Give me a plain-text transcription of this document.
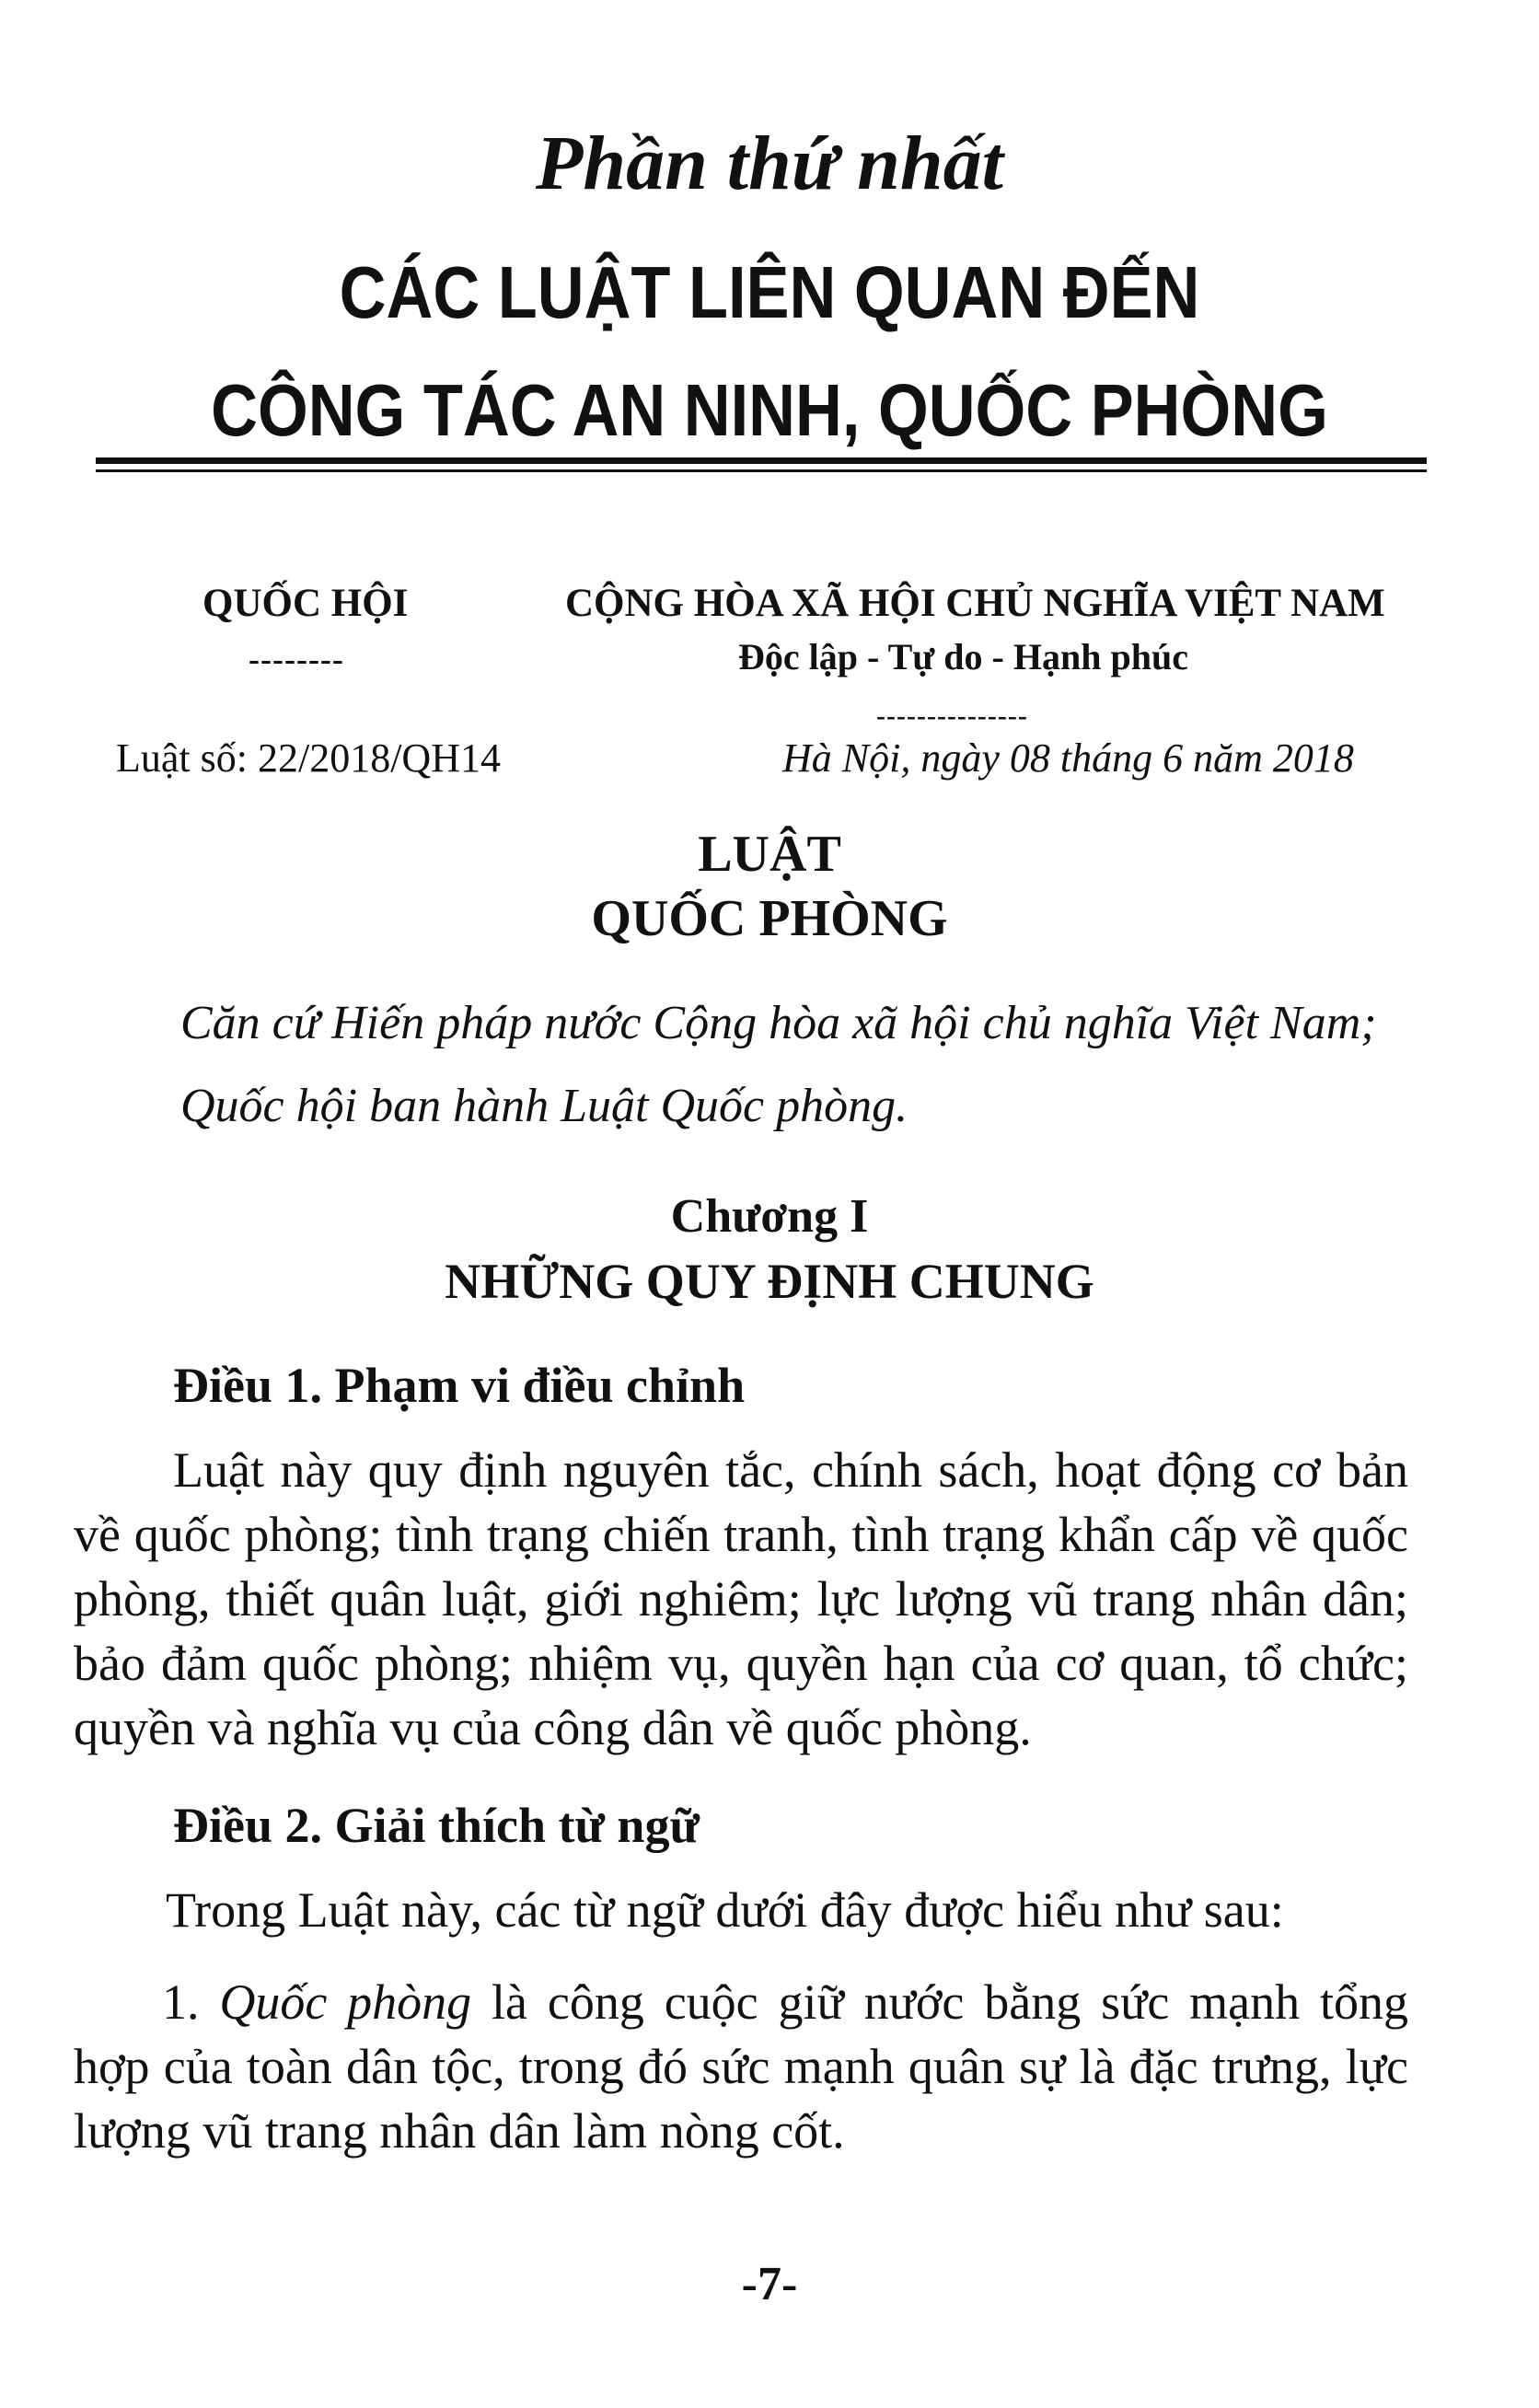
Phần thứ nhất
CÁC LUẬT LIÊN QUAN ĐẾN
CÔNG TÁC AN NINH, QUỐC PHÒNG
QUỐC HỘI
--------
CỘNG HÒA XÃ HỘI CHỦ NGHĨA VIỆT NAM
Độc lập - Tự do - Hạnh phúc
---------------
Luật số: 22/2018/QH14	Hà Nội, ngày 08 tháng 6 năm 2018
LUẬT
QUỐC PHÒNG
Căn cứ Hiến pháp nước Cộng hòa xã hội chủ nghĩa Việt Nam;
Quốc hội ban hành Luật Quốc phòng.
Chương I
NHỮNG QUY ĐỊNH CHUNG
Điều 1. Phạm vi điều chỉnh

Luật này quy định nguyên tắc, chính sách, hoạt động cơ bản về quốc phòng; tình trạng chiến tranh, tình trạng khẩn cấp về quốc phòng, thiết quân luật, giới nghiêm; lực lượng vũ trang nhân dân; bảo đảm quốc phòng; nhiệm vụ, quyền hạn của cơ quan, tổ chức; quyền và nghĩa vụ của công dân về quốc phòng.

Điều 2. Giải thích từ ngữ

Trong Luật này, các từ ngữ dưới đây được hiểu như sau:

1. Quốc phòng là công cuộc giữ nước bằng sức mạnh tổng hợp của toàn dân tộc, trong đó sức mạnh quân sự là đặc trưng, lực lượng vũ trang nhân dân làm nòng cốt.

-7-
